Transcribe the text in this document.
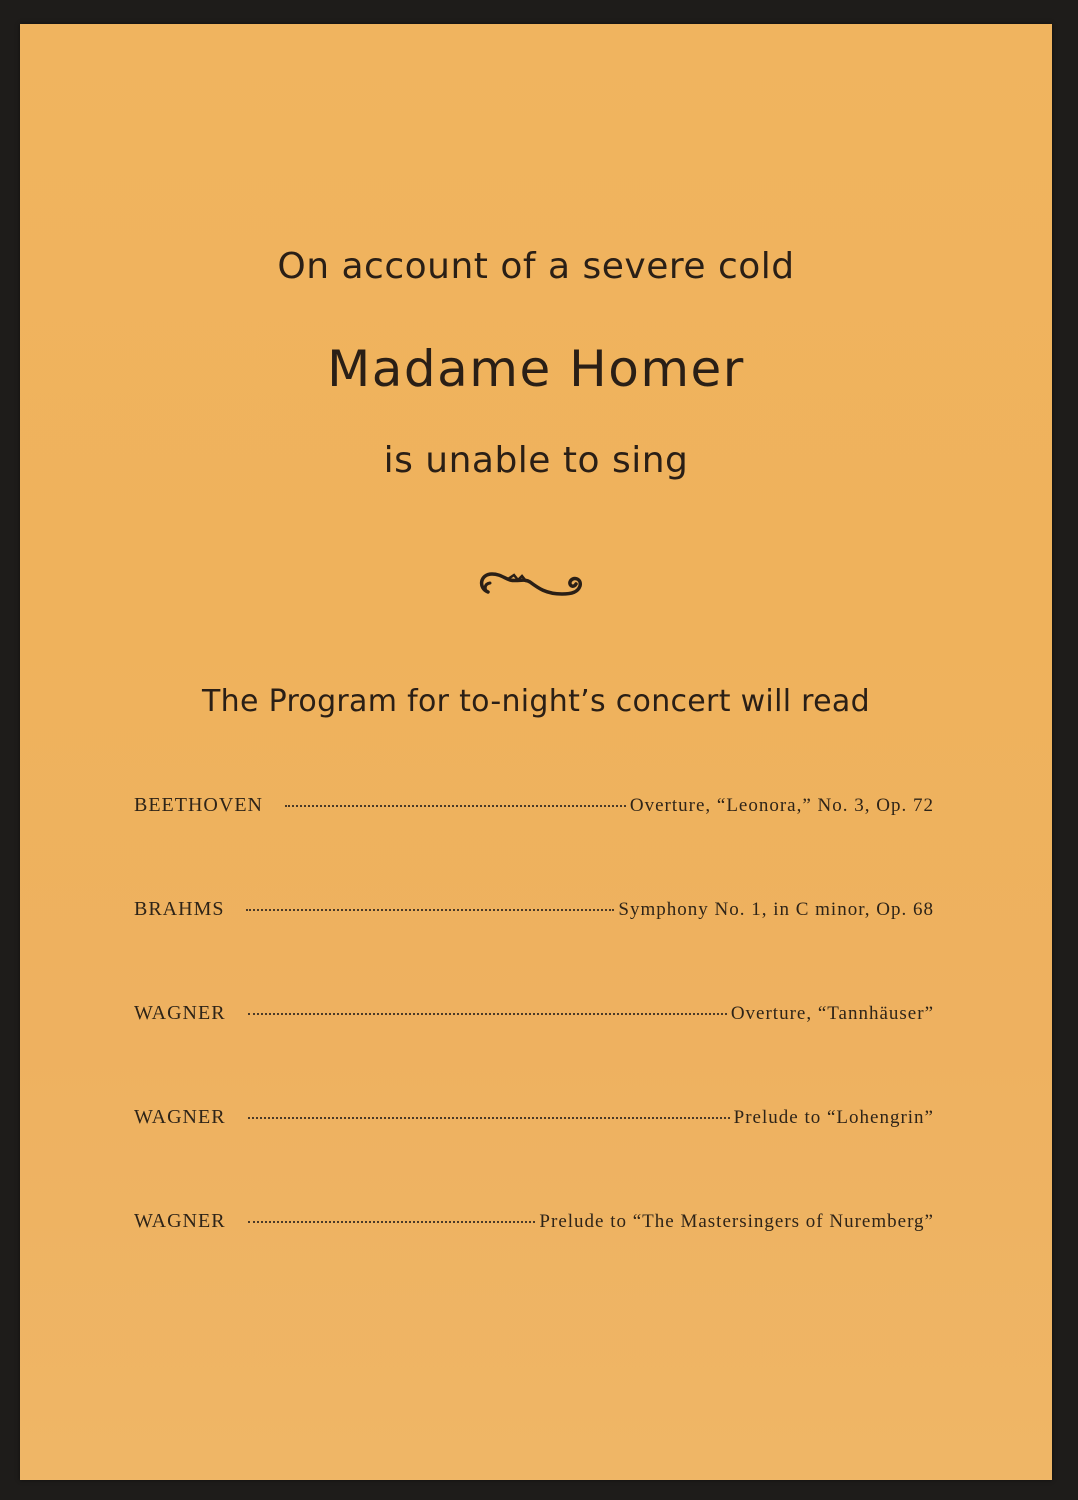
On account of a severe cold
Madame Homer
is unable to sing
The Program for to-night’s concert will read
BEETHOVEN	Overture, “Leonora,” No. 3, Op. 72
BRAHMS	Symphony No. 1, in C minor, Op. 68
WAGNER	Overture, “Tannhäuser”
WAGNER	Prelude to “Lohengrin”
WAGNER	Prelude to “The Mastersingers of Nuremberg”
